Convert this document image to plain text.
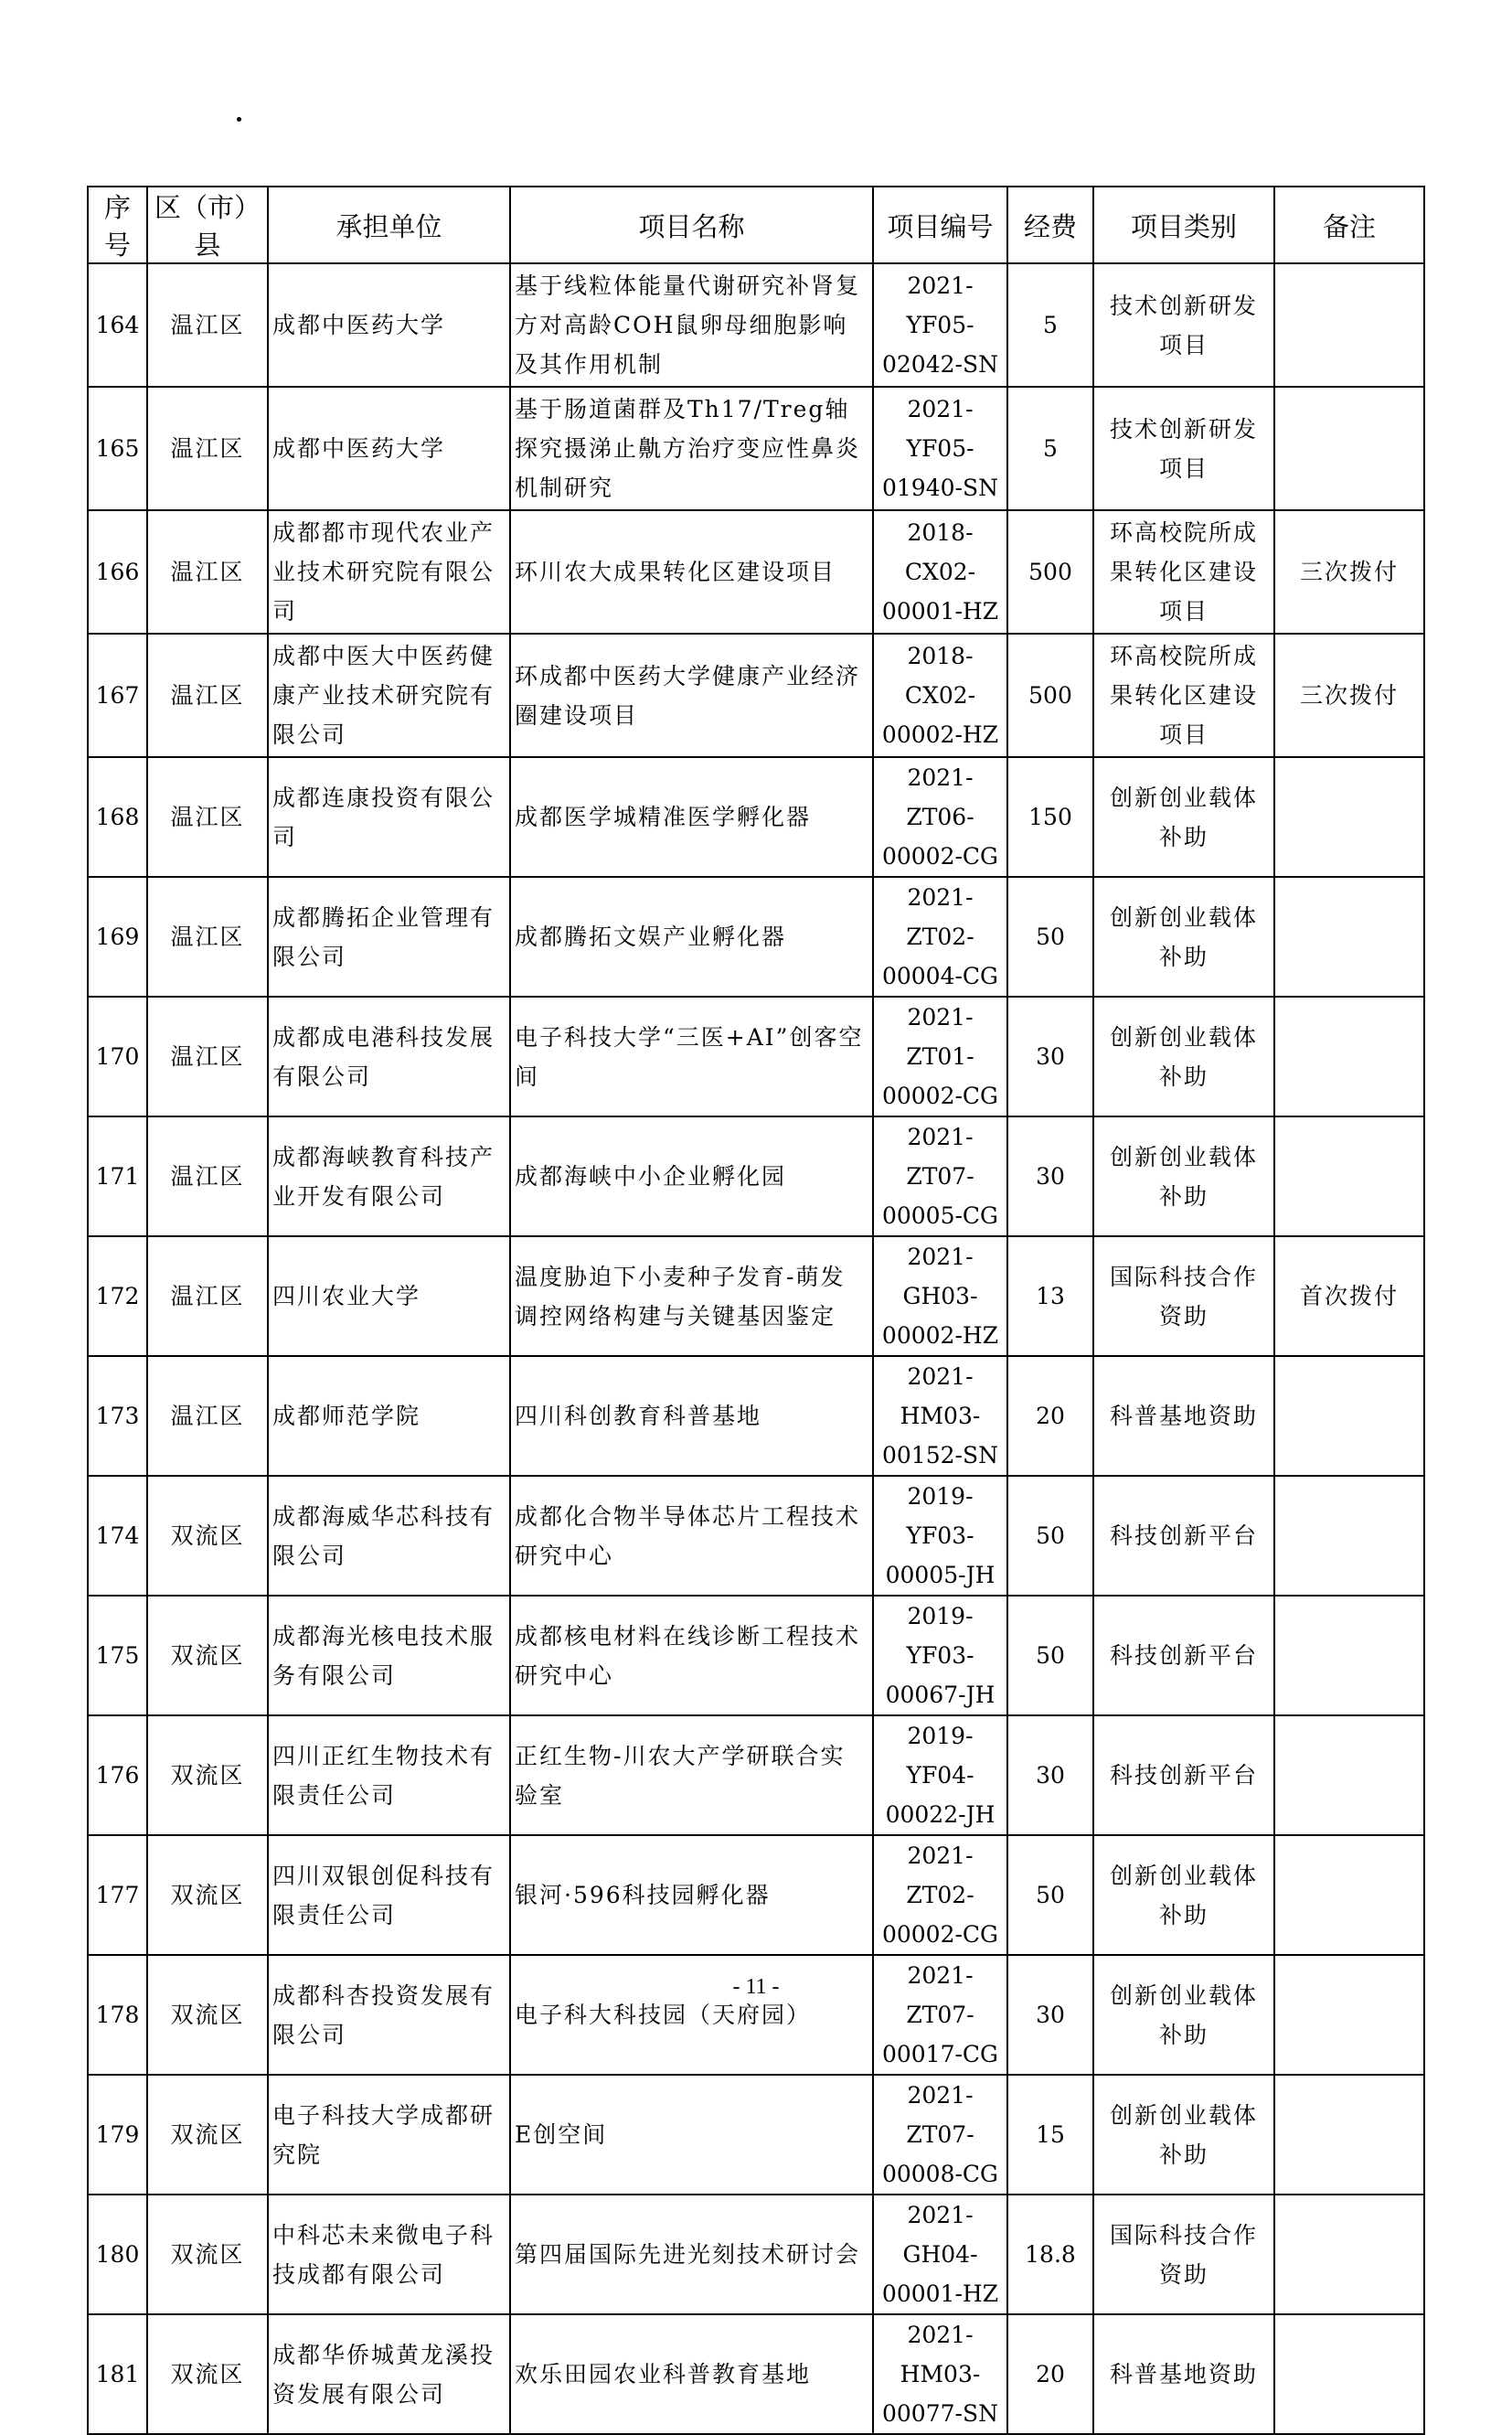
序号	区（市）县	承担单位	项目名称	项目编号	经费	项目类别	备注
164	温江区	成都中医药大学	基于线粒体能量代谢研究补肾复方对高龄COH鼠卵母细胞影响及其作用机制	2021-YF05-02042-SN	5	技术创新研发项目	
165	温江区	成都中医药大学	基于肠道菌群及Th17/Treg轴探究摄涕止鼽方治疗变应性鼻炎机制研究	2021-YF05-01940-SN	5	技术创新研发项目	
166	温江区	成都都市现代农业产业技术研究院有限公司	环川农大成果转化区建设项目	2018-CX02-00001-HZ	500	环高校院所成果转化区建设项目	三次拨付
167	温江区	成都中医大中医药健康产业技术研究院有限公司	环成都中医药大学健康产业经济圈建设项目	2018-CX02-00002-HZ	500	环高校院所成果转化区建设项目	三次拨付
168	温江区	成都连康投资有限公司	成都医学城精准医学孵化器	2021-ZT06-00002-CG	150	创新创业载体补助	
169	温江区	成都腾拓企业管理有限公司	成都腾拓文娱产业孵化器	2021-ZT02-00004-CG	50	创新创业载体补助	
170	温江区	成都成电港科技发展有限公司	电子科技大学“三医+AI”创客空间	2021-ZT01-00002-CG	30	创新创业载体补助	
171	温江区	成都海峡教育科技产业开发有限公司	成都海峡中小企业孵化园	2021-ZT07-00005-CG	30	创新创业载体补助	
172	温江区	四川农业大学	温度胁迫下小麦种子发育-萌发调控网络构建与关键基因鉴定	2021-GH03-00002-HZ	13	国际科技合作资助	首次拨付
173	温江区	成都师范学院	四川科创教育科普基地	2021-HM03-00152-SN	20	科普基地资助	
174	双流区	成都海威华芯科技有限公司	成都化合物半导体芯片工程技术研究中心	2019-YF03-00005-JH	50	科技创新平台	
175	双流区	成都海光核电技术服务有限公司	成都核电材料在线诊断工程技术研究中心	2019-YF03-00067-JH	50	科技创新平台	
176	双流区	四川正红生物技术有限责任公司	正红生物-川农大产学研联合实验室	2019-YF04-00022-JH	30	科技创新平台	
177	双流区	四川双银创促科技有限责任公司	银河·596科技园孵化器	2021-ZT02-00002-CG	50	创新创业载体补助	
178	双流区	成都科杏投资发展有限公司	电子科大科技园（天府园）	2021-ZT07-00017-CG	30	创新创业载体补助	
179	双流区	电子科技大学成都研究院	E创空间	2021-ZT07-00008-CG	15	创新创业载体补助	
180	双流区	中科芯未来微电子科技成都有限公司	第四届国际先进光刻技术研讨会	2021-GH04-00001-HZ	18.8	国际科技合作资助	
181	双流区	成都华侨城黄龙溪投资发展有限公司	欢乐田园农业科普教育基地	2021-HM03-00077-SN	20	科普基地资助	
- 11 -
